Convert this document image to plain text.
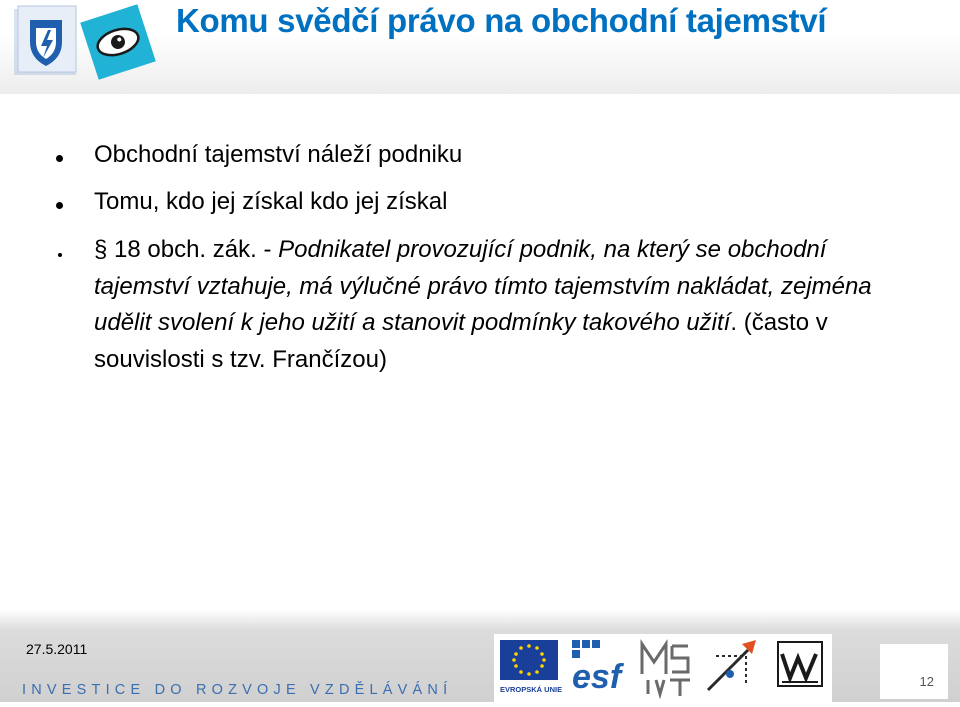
Komu svědčí právo na obchodní tajemství
Obchodní tajemství náleží podniku
Tomu, kdo jej získal kdo jej získal
§ 18 obch. zák. - Podnikatel provozující podnik, na který se obchodní tajemství vztahuje, má výlučné právo tímto tajemstvím nakládat, zejména udělit svolení k jeho užití a stanovit podmínky takového užití. (často v souvislosti s tzv. Frančízou)
27.5.2011
INVESTICE DO ROZVOJE VZDĚLÁVÁNÍ	EVROPSKÁ UNIE esf	12
